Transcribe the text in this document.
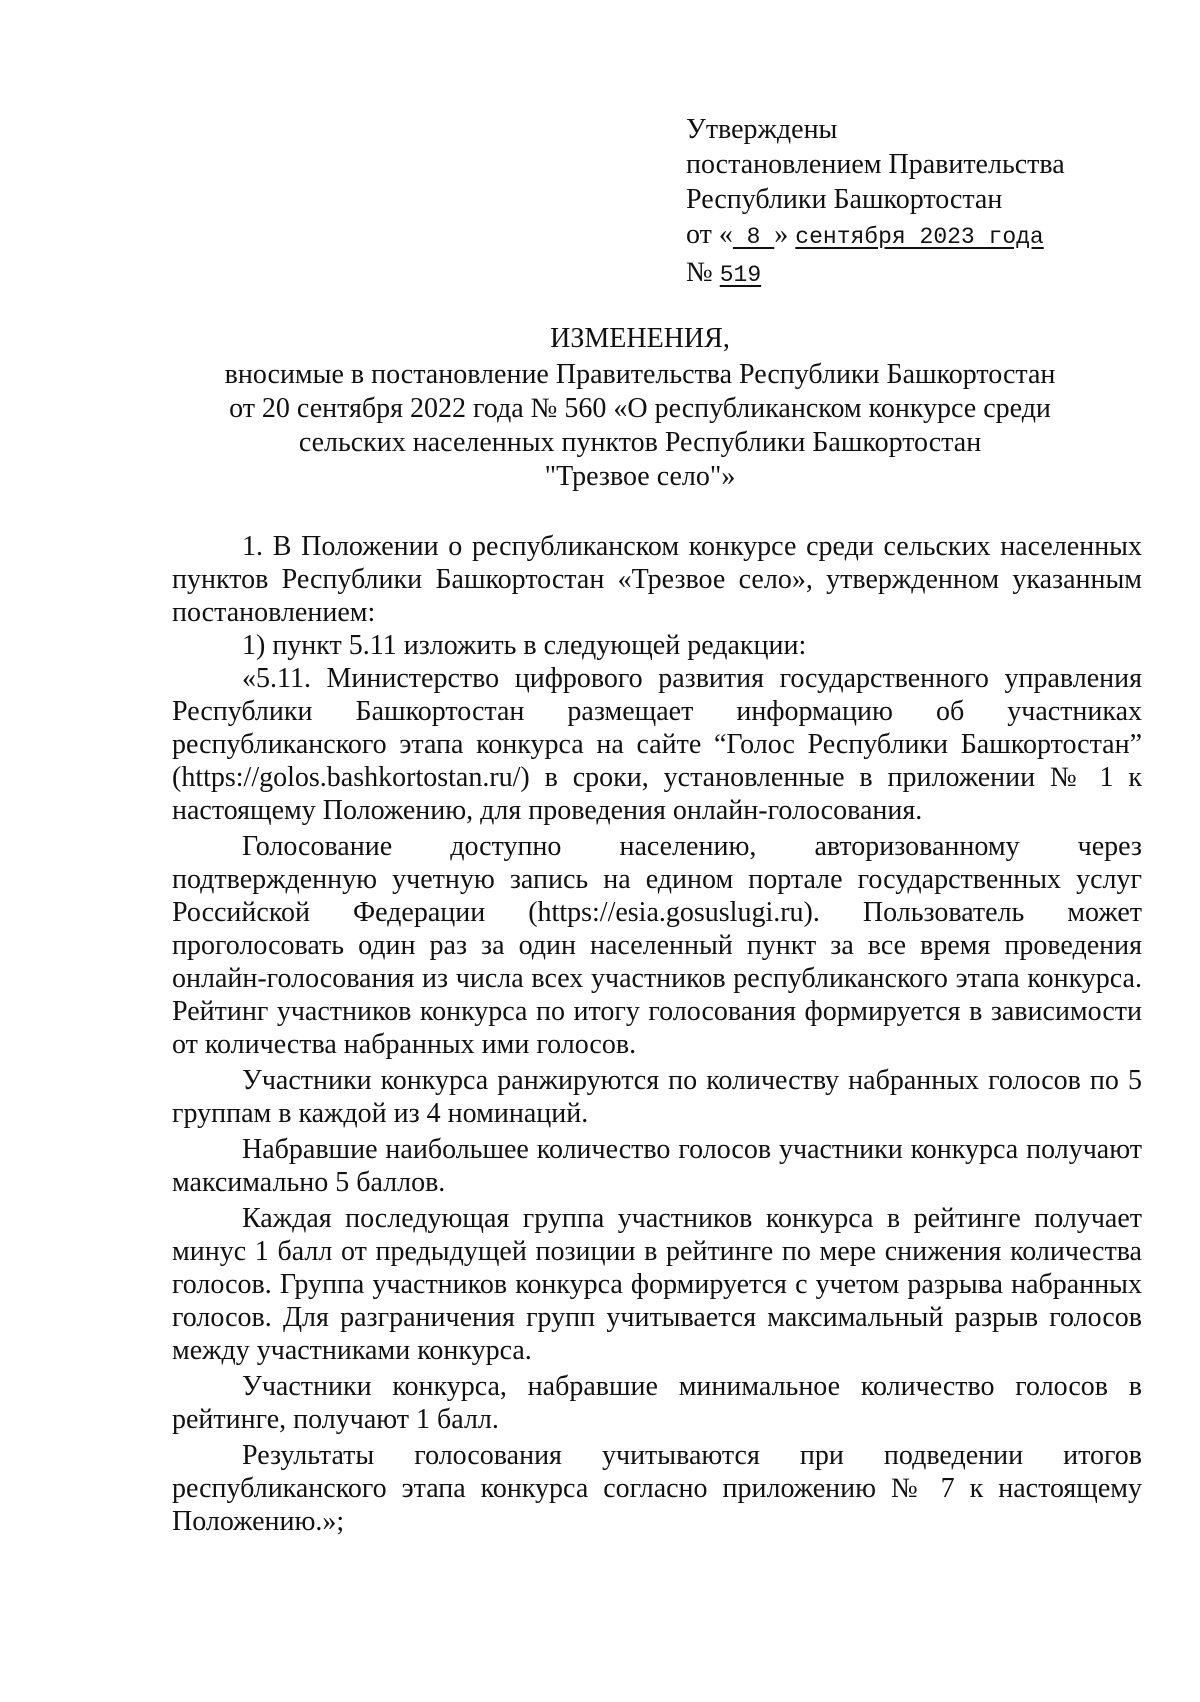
Утверждены
постановлением Правительства
Республики Башкортостан
от « 8 » сентября 2023 года
№ 519
ИЗМЕНЕНИЯ,
вносимые в постановление Правительства Республики Башкортостан
от 20 сентября 2022 года № 560 «О республиканском конкурсе среди
сельских населенных пунктов Республики Башкортостан
"Трезвое село"»

1. В Положении о республиканском конкурсе среди сельских населенных пунктов Республики Башкортостан «Трезвое село», утвержденном указанным постановлением:

1) пункт 5.11 изложить в следующей редакции:

«5.11. Министерство цифрового развития государственного управления Республики Башкортостан размещает информацию об участниках республиканского этапа конкурса на сайте “Голос Республики Башкортостан” (https://golos.bashkortostan.ru/) в сроки, установленные в приложении № 1 к настоящему Положению, для проведения онлайн-голосования.

Голосование доступно населению, авторизованному через подтвержденную учетную запись на едином портале государственных услуг Российской Федерации (https://esia.gosuslugi.ru). Пользователь может проголосовать один раз за один населенный пункт за все время проведения онлайн-голосования из числа всех участников республиканского этапа конкурса. Рейтинг участников конкурса по итогу голосования формируется в зависимости от количества набранных ими голосов.

Участники конкурса ранжируются по количеству набранных голосов по 5 группам в каждой из 4 номинаций.

Набравшие наибольшее количество голосов участники конкурса получают максимально 5 баллов.

Каждая последующая группа участников конкурса в рейтинге получает минус 1 балл от предыдущей позиции в рейтинге по мере снижения количества голосов. Группа участников конкурса формируется с учетом разрыва набранных голосов. Для разграничения групп учитывается максимальный разрыв голосов между участниками конкурса.

Участники конкурса, набравшие минимальное количество голосов в рейтинге, получают 1 балл.

Результаты голосования учитываются при подведении итогов республиканского этапа конкурса согласно приложению № 7 к настоящему Положению.»;
